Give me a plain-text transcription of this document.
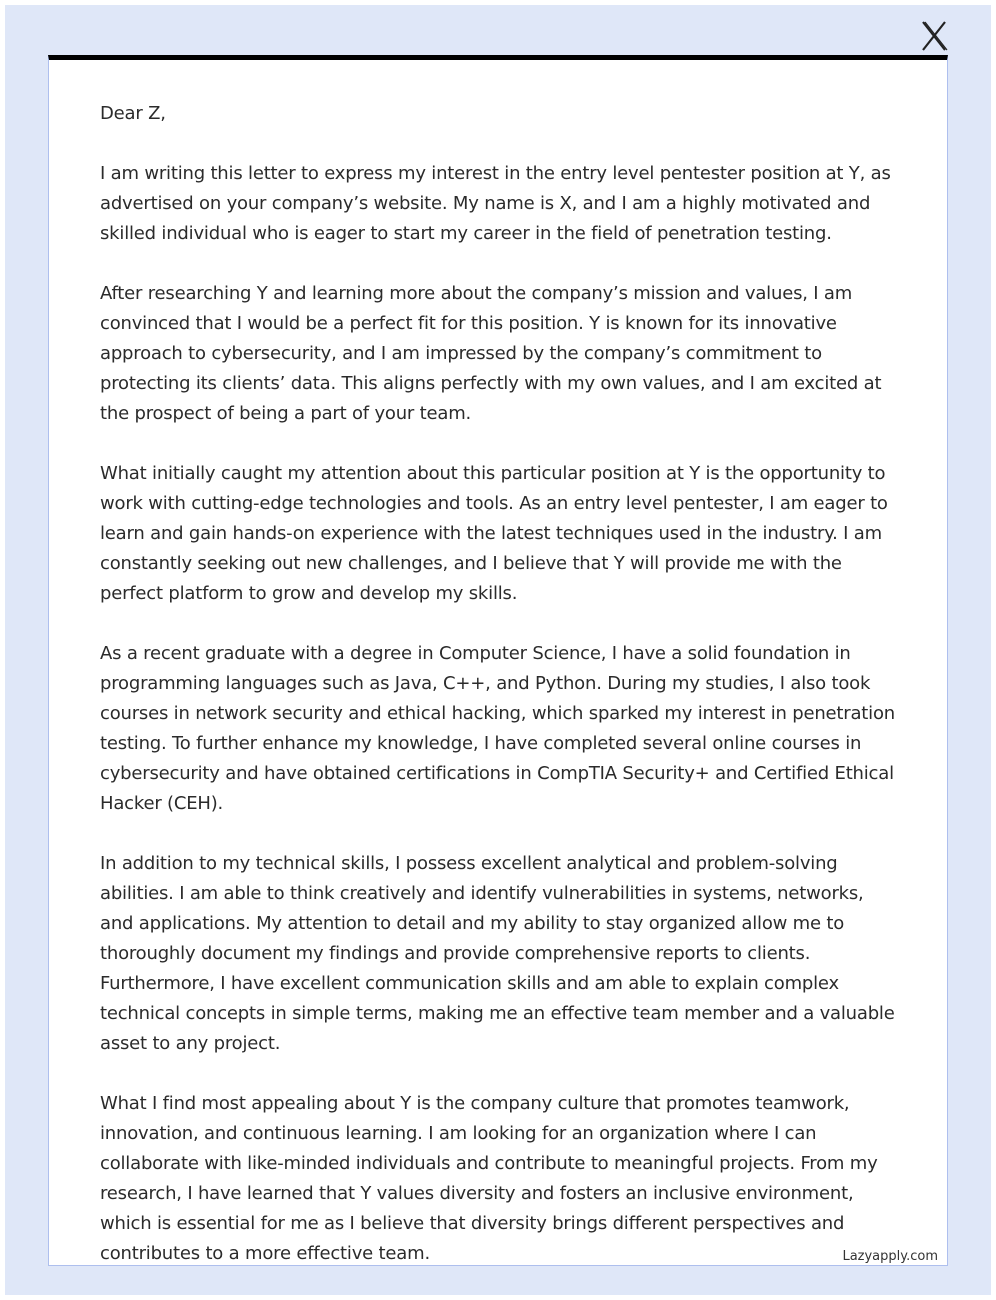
Dear Z,

I am writing this letter to express my interest in the entry level pentester position at Y, as advertised on your company’s website. My name is X, and I am a highly motivated and skilled individual who is eager to start my career in the field of penetration testing.

After researching Y and learning more about the company’s mission and values, I am convinced that I would be a perfect fit for this position. Y is known for its innovative approach to cybersecurity, and I am impressed by the company’s commitment to protecting its clients’ data. This aligns perfectly with my own values, and I am excited at the prospect of being a part of your team.

What initially caught my attention about this particular position at Y is the opportunity to work with cutting-edge technologies and tools. As an entry level pentester, I am eager to learn and gain hands-on experience with the latest techniques used in the industry. I am constantly seeking out new challenges, and I believe that Y will provide me with the perfect platform to grow and develop my skills.

As a recent graduate with a degree in Computer Science, I have a solid foundation in programming languages such as Java, C++, and Python. During my studies, I also took courses in network security and ethical hacking, which sparked my interest in penetration testing. To further enhance my knowledge, I have completed several online courses in cybersecurity and have obtained certifications in CompTIA Security+ and Certified Ethical Hacker (CEH).

In addition to my technical skills, I possess excellent analytical and problem-solving abilities. I am able to think creatively and identify vulnerabilities in systems, networks, and applications. My attention to detail and my ability to stay organized allow me to thoroughly document my findings and provide comprehensive reports to clients. Furthermore, I have excellent communication skills and am able to explain complex technical concepts in simple terms, making me an effective team member and a valuable asset to any project.

What I find most appealing about Y is the company culture that promotes teamwork, innovation, and continuous learning. I am looking for an organization where I can collaborate with like-minded individuals and contribute to meaningful projects. From my research, I have learned that Y values diversity and fosters an inclusive environment, which is essential for me as I believe that diversity brings different perspectives and contributes to a more effective team.	Lazyapply.com
